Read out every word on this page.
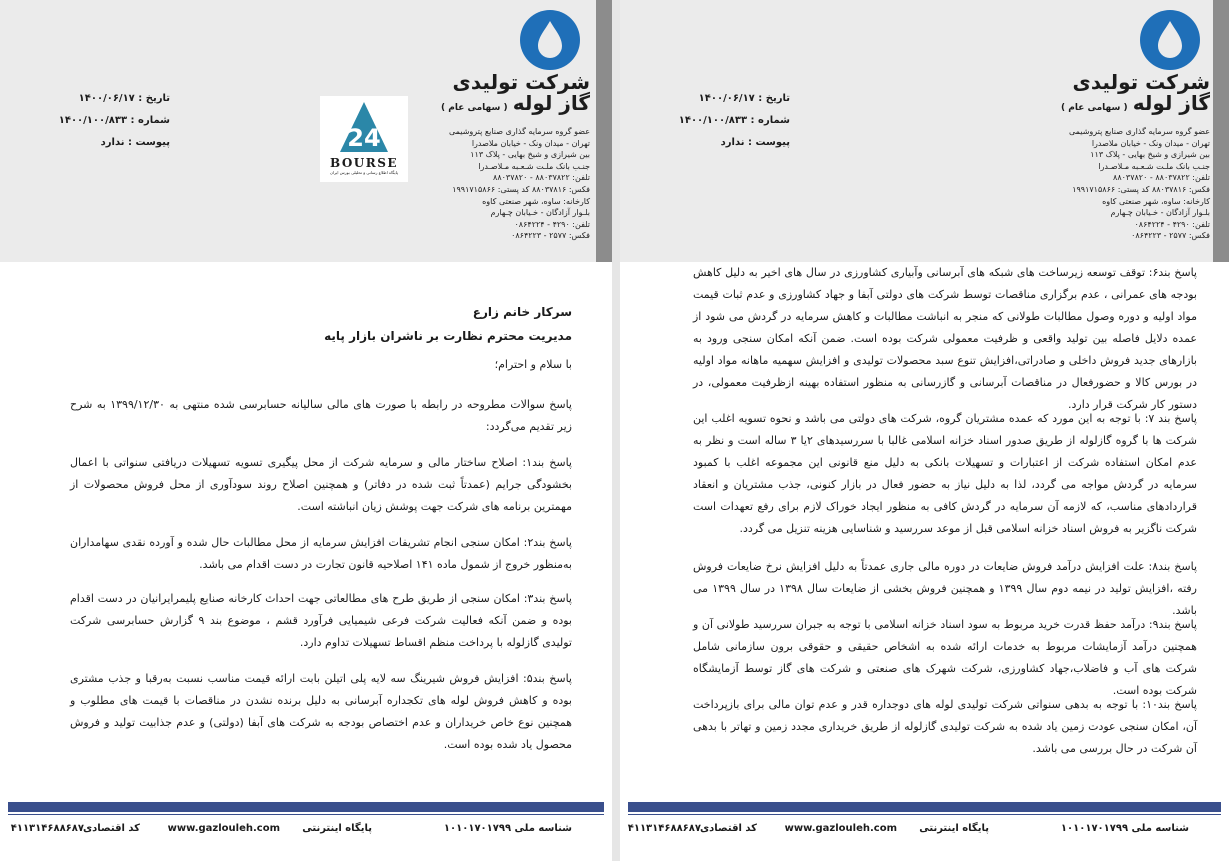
شرکت تولیدی
گاز لوله ( سهامی عام )
عضو گروه سرمایه گذاری صنایع پتروشیمی
تهران - میدان ونک - خیابان ملاصدرا
بین شیرازی و شیخ بهایی - پلاک ۱۱۳
جنـب بانک ملـت شـعـبه مـلاصـدرا
تلفن: ۸۸۰۳۷۸۲۲ - ۸۸۰۳۷۸۲۰
فکس: ۸۸۰۳۷۸۱۶ کد پستی: ۱۹۹۱۷۱۵۸۶۶
کارخانه: ساوه، شهر صنعتی کاوه
بلـوار آزادگان - خـیابان چـهارم
تلفن: ۴۲۹۰ - ۰۸۶۴۲۲۴
فکس: ۲۵۷۷ - ۰۸۶۴۲۲۳
تاریخ : ۱۴۰۰/۰۶/۱۷
شماره : ۱۴۰۰/۱۰۰/۸۳۳
پیوست : ندارد	24
BOURSE
پایگاه اطلاع رسانی و تحلیلی بورس ایران
سرکار خانم زارع
مدیریت محترم نظارت بر ناشران بازار پایه
با سلام و احترام؛
پاسخ سوالات مطروحه در رابطه با صورت های مالی سالیانه حسابرسی شده منتهی به ۱۳۹۹/۱۲/۳۰ به شرح زیر تقدیم می‌گردد:
پاسخ بند۱: اصلاح ساختار مالی و سرمایه شرکت از محل پیگیری تسویه تسهیلات دریافتی سنواتی با اعمال بخشودگی جرایم (عمدتاً ثبت شده در دفاتر) و همچنین اصلاح روند سودآوری از محل فروش محصولات از مهمترین برنامه های شرکت جهت پوشش زیان انباشته است.
پاسخ بند۲: امکان سنجی انجام تشریفات افزایش سرمایه از محل مطالبات حال شده و آورده نقدی سهامداران به‌منظور خروج از شمول ماده ۱۴۱ اصلاحیه قانون تجارت در دست اقدام می باشد.
پاسخ بند۳: امکان سنجی از طریق طرح های مطالعاتی جهت احداث کارخانه صنایع پلیمرایرانیان در دست اقدام بوده و ضمن آنکه فعالیت شرکت فرعی شیمیایی فرآورد قشم ، موضوع بند ۹ گزارش حسابرسی شرکت تولیدی گازلوله با پرداخت منظم اقساط تسهیلات تداوم دارد.
پاسخ بند۵: افزایش فروش شیرینگ سه لایه پلی اتیلن بابت ارائه قیمت مناسب نسبت به‌رقبا و جذب مشتری بوده و کاهش فروش لوله های تکجداره آبرسانی به دلیل برنده نشدن در مناقصات با قیمت های مطلوب و همچنین نوع خاص خریداران و عدم اختصاص بودجه به شرکت های آبفا (دولتی) و عدم جذابیت تولید و فروش محصول یاد شده بوده است.
شناسه ملی ۱۰۱۰۱۷۰۱۷۹۹
پایگاه اینترنتی
www.gazlouleh.com
کد اقتصادی
۴۱۱۳۱۴۶۸۸۶۸۷
شرکت تولیدی
گاز لوله ( سهامی عام )
عضو گروه سرمایه گذاری صنایع پتروشیمی
تهران - میدان ونک - خیابان ملاصدرا
بین شیرازی و شیخ بهایی - پلاک ۱۱۳
جنـب بانک ملـت شـعـبه مـلاصـدرا
تلفن: ۸۸۰۳۷۸۲۲ - ۸۸۰۳۷۸۲۰
فکس: ۸۸۰۳۷۸۱۶ کد پستی: ۱۹۹۱۷۱۵۸۶۶
کارخانه: ساوه، شهر صنعتی کاوه
بلـوار آزادگان - خـیابان چـهارم
تلفن: ۴۲۹۰ - ۰۸۶۴۲۲۴
فکس: ۲۵۷۷ - ۰۸۶۴۲۲۳
تاریخ : ۱۴۰۰/۰۶/۱۷
شماره : ۱۴۰۰/۱۰۰/۸۳۳
پیوست : ندارد
پاسخ بند۶: توقف توسعه زیرساخت های شبکه های آبرسانی وآبیاری کشاورزی در سال های اخیر به دلیل کاهش بودجه های عمرانی ، عدم برگزاری مناقصات توسط شرکت های دولتی آبفا و جهاد کشاورزی و عدم ثبات قیمت مواد اولیه و دوره وصول مطالبات طولانی که منجر به انباشت مطالبات و کاهش سرمایه در گردش می شود از عمده دلایل فاصله بین تولید واقعی و ظرفیت معمولی شرکت بوده است. ضمن آنکه امکان سنجی ورود به بازارهای جدید فروش داخلی و صادراتی،افزایش تنوع سبد محصولات تولیدی و افزایش سهمیه ماهانه مواد اولیه در بورس کالا و حضورفعال در مناقصات آبرسانی و گازرسانی به منظور استفاده بهینه ازظرفیت معمولی، در دستور کار شرکت قرار دارد.
پاسخ بند ۷: با توجه به این مورد که عمده مشتریان گروه، شرکت های دولتی می باشد و نحوه تسویه اغلب این شرکت ها با گروه گازلوله از طریق صدور اسناد خزانه اسلامی غالبا با سررسیدهای ۲یا ۳ ساله است و نظر به عدم امکان استفاده شرکت از اعتبارات و تسهیلات بانکی به دلیل منع قانونی این مجموعه اغلب با کمبود سرمایه در گردش مواجه می گردد، لذا به دلیل نیاز به حضور فعال در بازار کنونی، جذب مشتریان و انعقاد قراردادهای مناسب، که لازمه آن سرمایه در گردش کافی به منظور ایجاد خوراک لازم برای رفع تعهدات است شرکت ناگزیر به فروش اسناد خزانه اسلامی قبل از موعد سررسید و شناسایی هزینه تنزیل می گردد.
پاسخ بند۸: علت افزایش درآمد فروش ضایعات در دوره مالی جاری عمدتاً به دلیل افزایش نرخ ضایعات فروش رفته ،افزایش تولید در نیمه دوم سال ۱۳۹۹ و همچنین فروش بخشی از ضایعات سال ۱۳۹۸ در سال ۱۳۹۹ می باشد.
پاسخ بند۹: درآمد حفظ قدرت خرید مربوط به سود اسناد خزانه اسلامی با توجه به جبران سررسید طولانی آن و همچنین درآمد آزمایشات مربوط به خدمات ارائه شده به اشخاص حقیقی و حقوقی برون سازمانی شامل شرکت های آب و فاضلاب،جهاد کشاورزی، شرکت شهرک های صنعتی و شرکت های گاز توسط آزمایشگاه شرکت بوده است.
پاسخ بند۱۰: با توجه به بدهی سنواتی شرکت تولیدی لوله های دوجداره قدر و عدم توان مالی برای بازپرداخت آن، امکان سنجی عودت زمین یاد شده به شرکت تولیدی گازلوله از طریق خریداری مجدد زمین و تهاتر با بدهی آن شرکت در حال بررسی می باشد.
شناسه ملی ۱۰۱۰۱۷۰۱۷۹۹
پایگاه اینترنتی
www.gazlouleh.com
کد اقتصادی
۴۱۱۳۱۴۶۸۸۶۸۷
